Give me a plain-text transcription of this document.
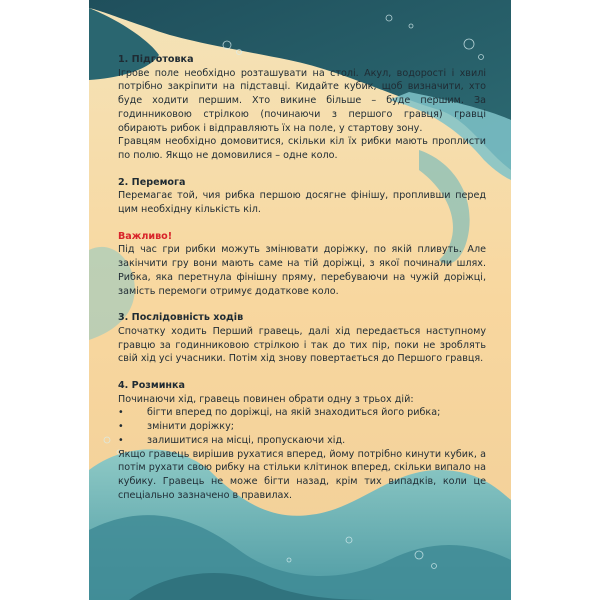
1. Підготовка

Ігрове поле необхідно розташувати на столі. Акул, водорості і хвилі потрібно закріпити на підставці. Кидайте кубик, щоб визначити, хто буде ходити першим. Хто викине більше – буде першим. За годинниковою стрілкою (починаючи з першого гравця) гравці обирають рибок і відправляють їх на поле, у стартову зону.

Гравцям необхідно домовитися, скільки кіл їх рибки мають проплисти по полю. Якщо не домовилися – одне коло.

2. Перемога

Перемагає той, чия рибка першою досягне фінішу, пропливши перед цим необхідну кількість кіл.

Важливо!

Під час гри рибки можуть змінювати доріжку, по якій пливуть. Але закінчити гру вони мають саме на тій доріжці, з якої починали шлях. Рибка, яка перетнула фінішну пряму, перебуваючи на чужій доріжці, замість перемоги отримує додаткове коло.

3. Послідовність ходів

Спочатку ходить Перший гравець, далі хід передається наступному гравцю за годинниковою стрілкою і так до тих пір, поки не зроблять свій хід усі учасники. Потім хід знову повертається до Першого гравця.

4. Розминка

Починаючи хід, гравець повинен обрати одну з трьох дій:

•	бігти вперед по доріжці, на якій знаходиться його рибка;
•	змінити доріжку;
•	залишитися на місці, пропускаючи хід.

Якщо гравець вирішив рухатися вперед, йому потрібно кинути кубик, а потім рухати свою рибку на стільки клітинок вперед, скільки випало на кубику. Гравець не може бігти назад, крім тих випадків, коли це спеціально зазначено в правилах.
